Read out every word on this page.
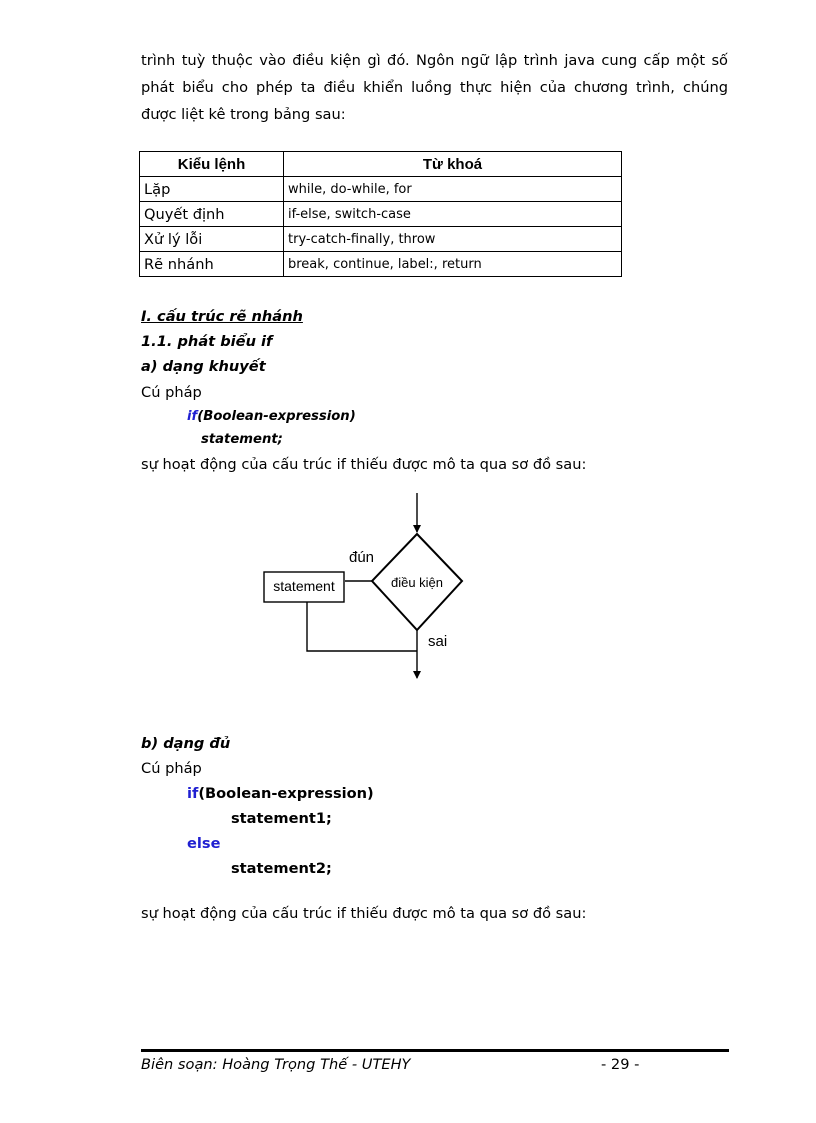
trình tuỳ thuộc vào điều kiện gì đó. Ngôn ngữ lập trình java cung cấp một số
phát biểu cho phép ta điều khiển luồng thực hiện của chương trình, chúng
được liệt kê trong bảng sau:
Kiểu lệnh	Từ khoá
Lặp	while, do-while, for
Quyết định	if-else, switch-case
Xử lý lỗi	try-catch-finally, throw
Rẽ nhánh	break, continue, label:, return
I. cấu trúc rẽ nhánh
1.1. phát biểu if
a) dạng khuyết
Cú pháp
if(Boolean-expression)
statement;
sự hoạt động của cấu trúc if thiếu được mô ta qua sơ đồ sau:
đún
điều kiện
statement
sai
b) dạng đủ
Cú pháp
if(Boolean-expression)
statement1;
else
statement2;
sự hoạt động của cấu trúc if thiếu được mô ta qua sơ đồ sau:
Biên soạn: Hoàng Trọng Thế - UTEHY	- 29 -
